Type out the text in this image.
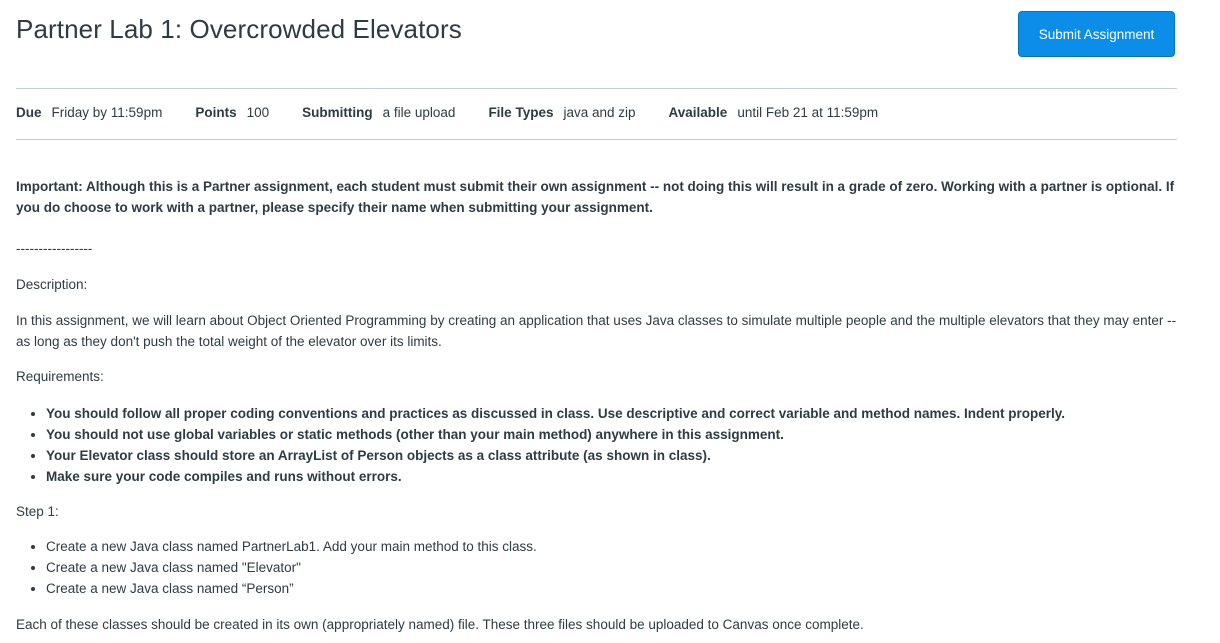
Partner Lab 1: Overcrowded Elevators	Submit Assignment
Due Friday by 11:59pm Points 100 Submitting a file upload File Types java and zip Available until Feb 21 at 11:59pm

Important: Although this is a Partner assignment, each student must submit their own assignment -- not doing this will result in a grade of zero. Working with a partner is optional. If you do choose to work with a partner, please specify their name when submitting your assignment.

-----------------

Description:

In this assignment, we will learn about Object Oriented Programming by creating an application that uses Java classes to simulate multiple people and the multiple elevators that they may enter -- as long as they don't push the total weight of the elevator over its limits.

Requirements:

• You should follow all proper coding conventions and practices as discussed in class. Use descriptive and correct variable and method names. Indent properly.
• You should not use global variables or static methods (other than your main method) anywhere in this assignment.
• Your Elevator class should store an ArrayList of Person objects as a class attribute (as shown in class).
• Make sure your code compiles and runs without errors.

Step 1:

• Create a new Java class named PartnerLab1. Add your main method to this class.
• Create a new Java class named "Elevator"
• Create a new Java class named “Person”

Each of these classes should be created in its own (appropriately named) file. These three files should be uploaded to Canvas once complete.
